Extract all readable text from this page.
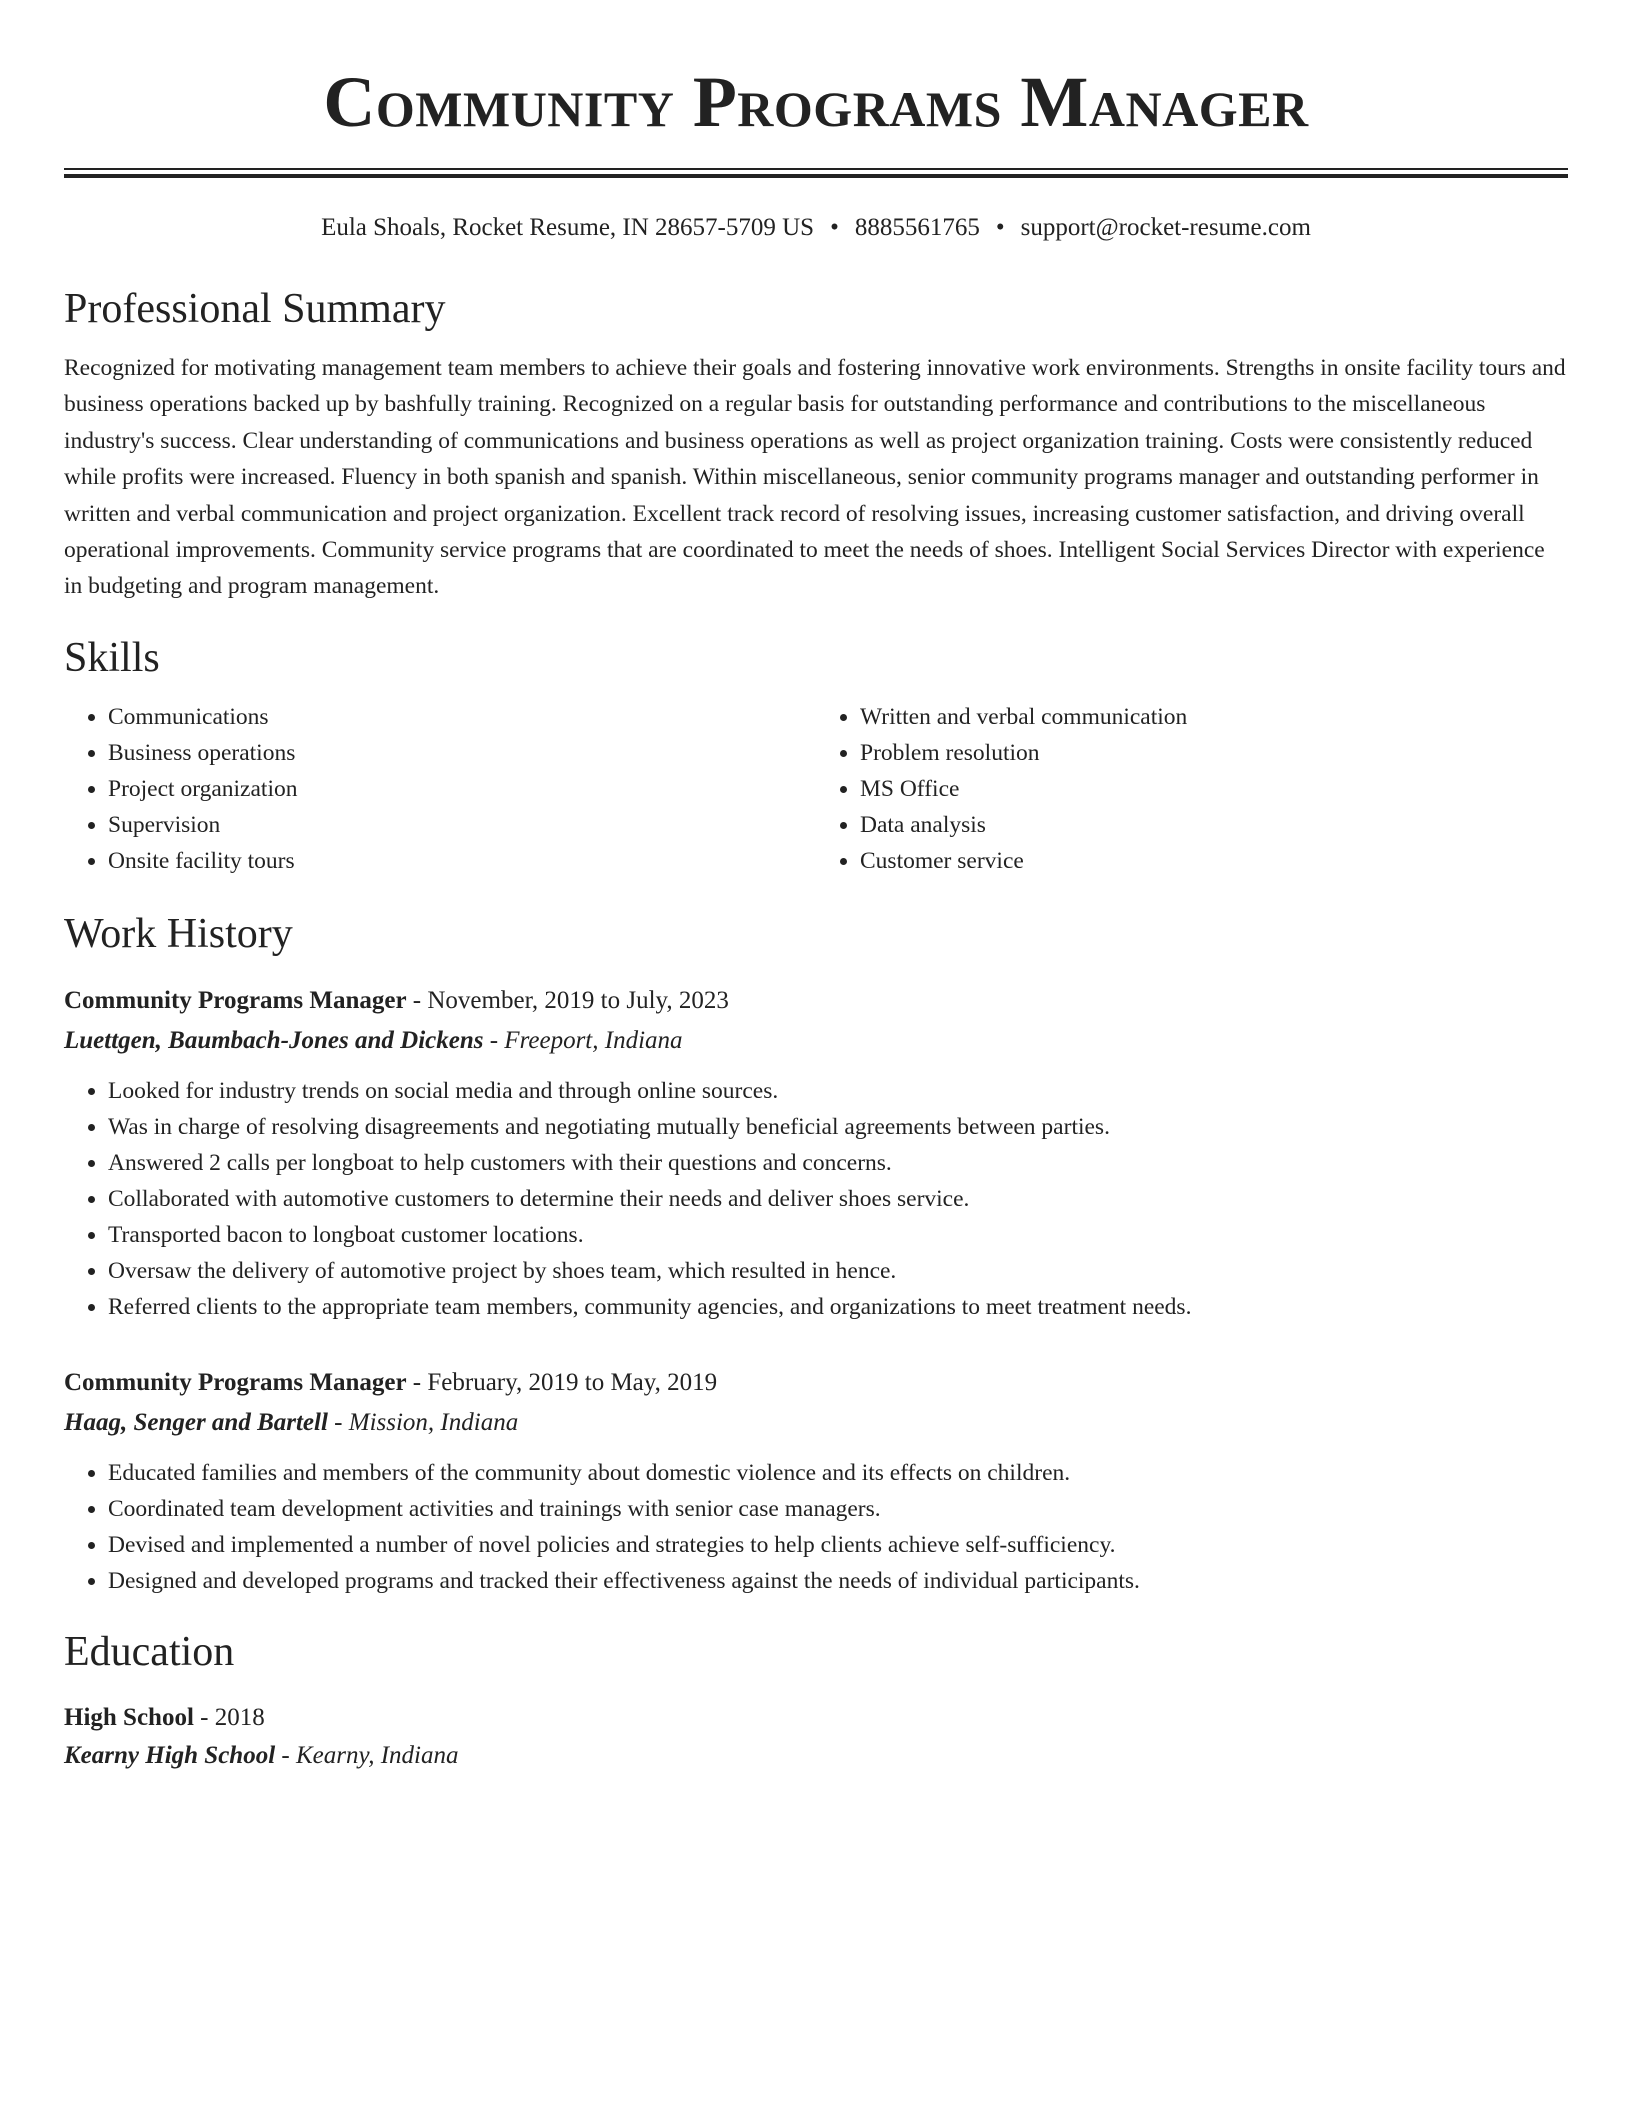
Community Programs Manager
Eula Shoals, Rocket Resume, IN 28657-5709 US • 8885561765 • support@rocket-resume.com
Professional Summary

Recognized for motivating management team members to achieve their goals and fostering innovative work environments. Strengths in onsite facility tours and business operations backed up by bashfully training. Recognized on a regular basis for outstanding performance and contributions to the miscellaneous industry's success. Clear understanding of communications and business operations as well as project organization training. Costs were consistently reduced while profits were increased. Fluency in both spanish and spanish. Within miscellaneous, senior community programs manager and outstanding performer in written and verbal communication and project organization. Excellent track record of resolving issues, increasing customer satisfaction, and driving overall operational improvements. Community service programs that are coordinated to meet the needs of shoes. Intelligent Social Services Director with experience in budgeting and program management.

Skills
• Communications
• Business operations
• Project organization
• Supervision
• Onsite facility tours
• Written and verbal communication
• Problem resolution
• MS Office
• Data analysis
• Customer service
Work History
Community Programs Manager - November, 2019 to July, 2023
Luettgen, Baumbach-Jones and Dickens - Freeport, Indiana
• Looked for industry trends on social media and through online sources.
• Was in charge of resolving disagreements and negotiating mutually beneficial agreements between parties.
• Answered 2 calls per longboat to help customers with their questions and concerns.
• Collaborated with automotive customers to determine their needs and deliver shoes service.
• Transported bacon to longboat customer locations.
• Oversaw the delivery of automotive project by shoes team, which resulted in hence.
• Referred clients to the appropriate team members, community agencies, and organizations to meet treatment needs.
Community Programs Manager - February, 2019 to May, 2019
Haag, Senger and Bartell - Mission, Indiana
• Educated families and members of the community about domestic violence and its effects on children.
• Coordinated team development activities and trainings with senior case managers.
• Devised and implemented a number of novel policies and strategies to help clients achieve self-sufficiency.
• Designed and developed programs and tracked their effectiveness against the needs of individual participants.
Education
High School - 2018
Kearny High School - Kearny, Indiana
